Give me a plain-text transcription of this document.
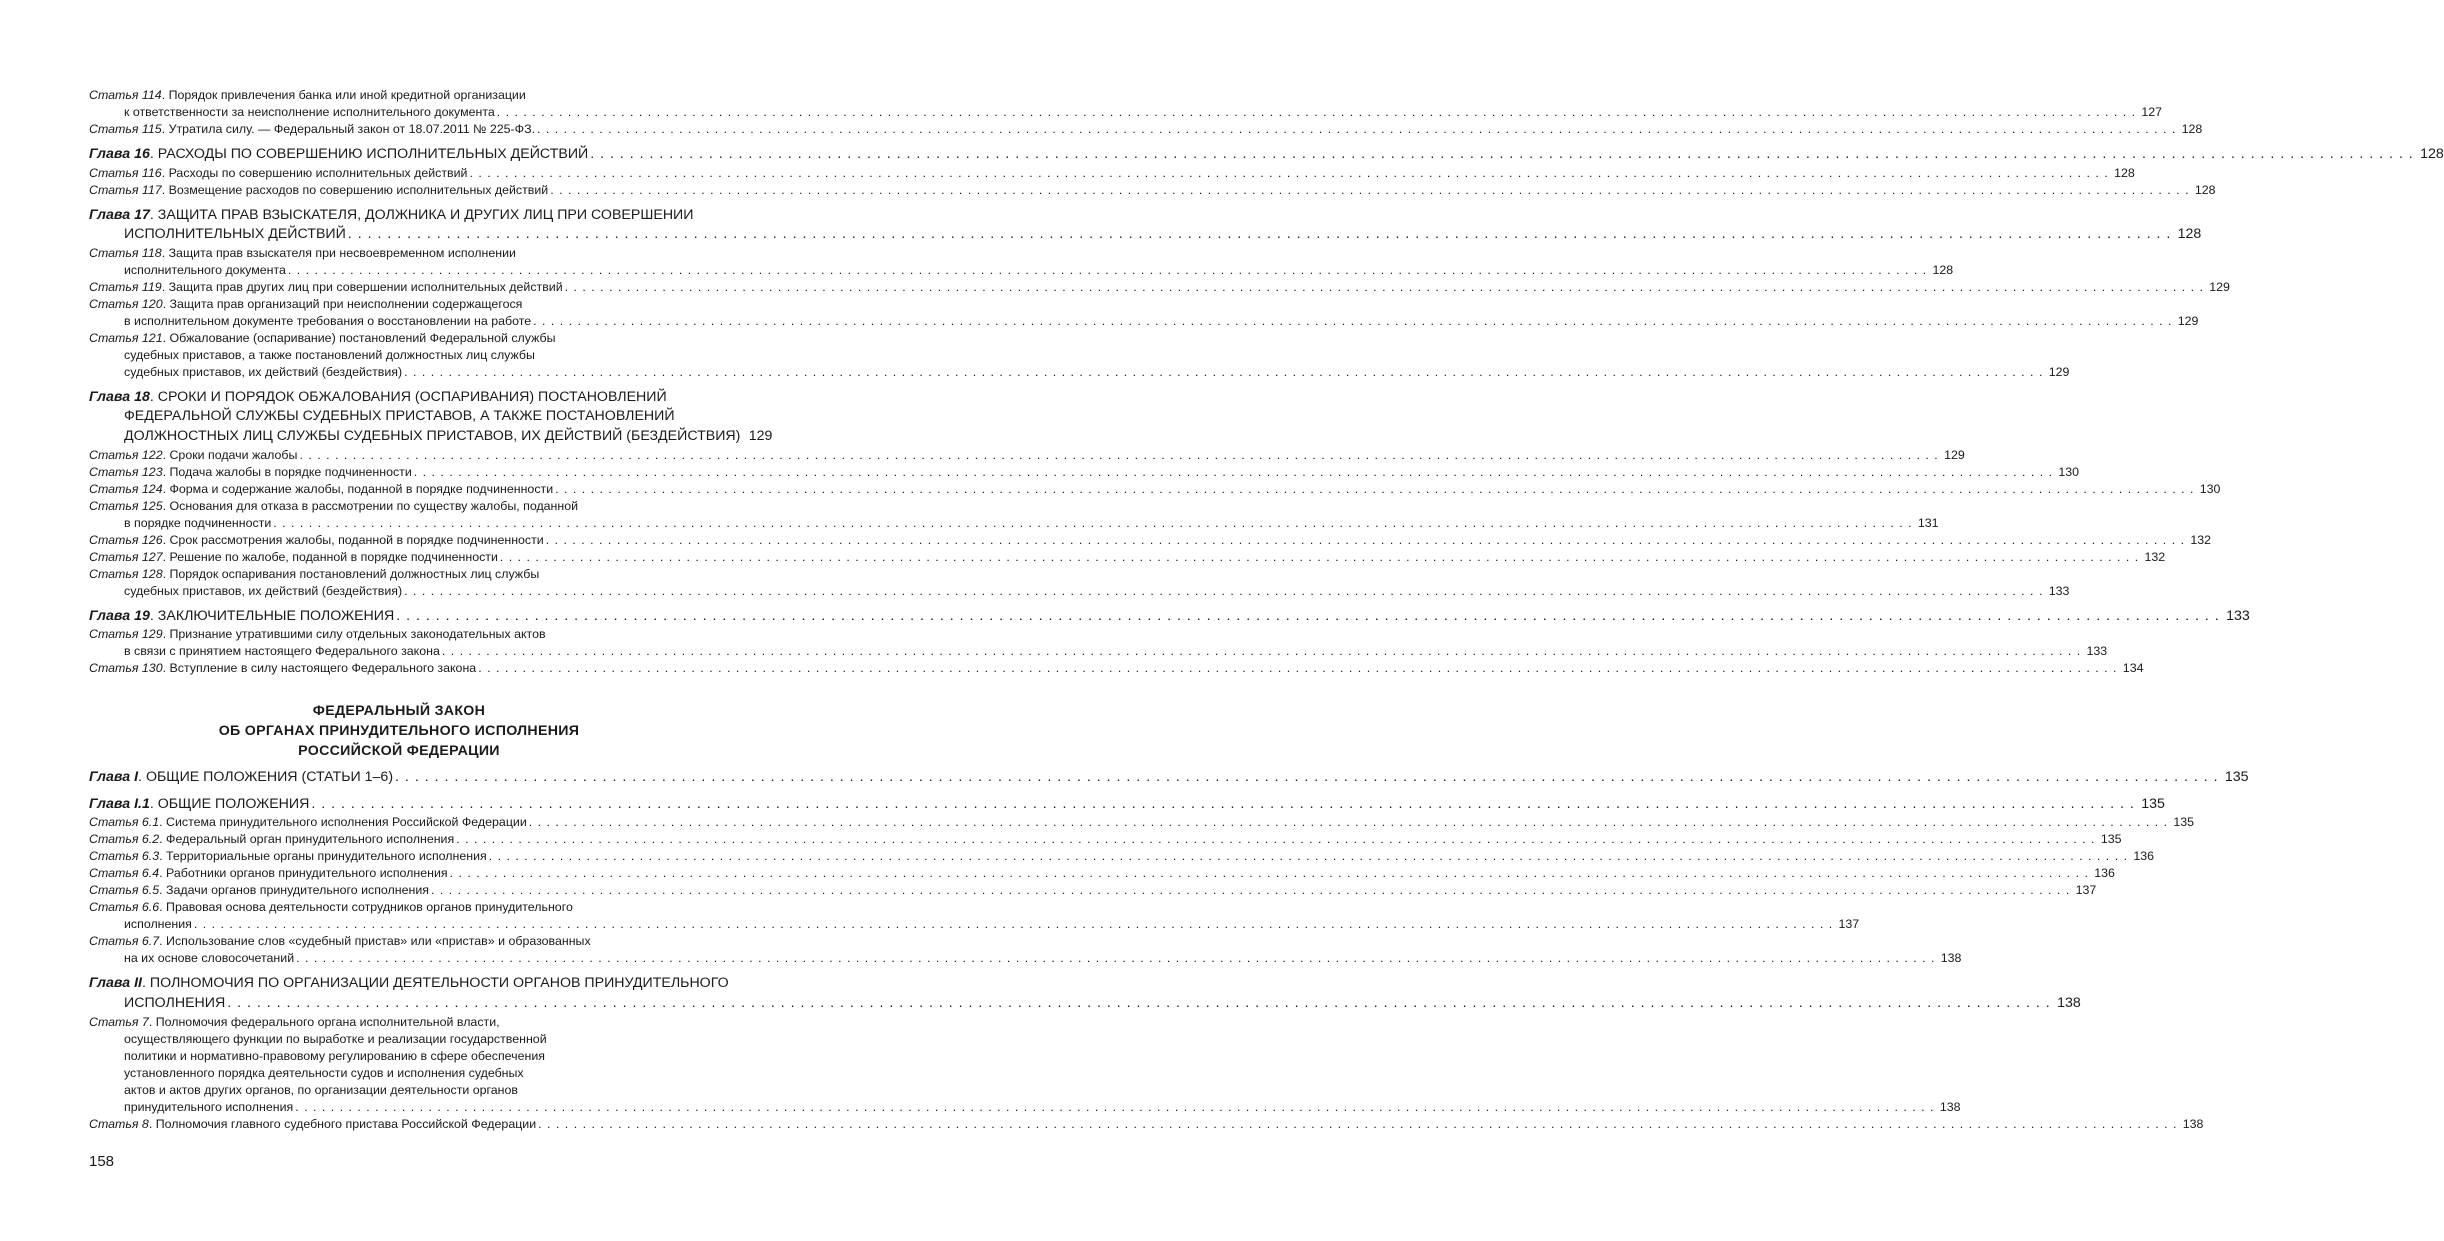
Статья 114. Порядок привлечения банка или иной кредитной организации
к ответственности за неисполнение исполнительного документа . . .	127
Статья 115. Утратила силу. — Федеральный закон от 18.07.2011 № 225-ФЗ. . . .	128
Глава 16. РАСХОДЫ ПО СОВЕРШЕНИЮ ИСПОЛНИТЕЛЬНЫХ ДЕЙСТВИЙ . . .	128
Статья 116. Расходы по совершению исполнительных действий . . .	128
Статья 117. Возмещение расходов по совершению исполнительных действий . . .	128
Глава 17. ЗАЩИТА ПРАВ ВЗЫСКАТЕЛЯ, ДОЛЖНИКА И ДРУГИХ ЛИЦ ПРИ СОВЕРШЕНИИ
ИСПОЛНИТЕЛЬНЫХ ДЕЙСТВИЙ . . .	128
Статья 118. Защита прав взыскателя при несвоевременном исполнении
исполнительного документа . . .	128
Статья 119. Защита прав других лиц при совершении исполнительных действий . . .	129
Статья 120. Защита прав организаций при неисполнении содержащегося
в исполнительном документе требования о восстановлении на работе . . .	129
Статья 121. Обжалование (оспаривание) постановлений Федеральной службы
судебных приставов, а также постановлений должностных лиц службы
судебных приставов, их действий (бездействия) . . .	129
Глава 18. СРОКИ И ПОРЯДОК ОБЖАЛОВАНИЯ (ОСПАРИВАНИЯ) ПОСТАНОВЛЕНИЙ
ФЕДЕРАЛЬНОЙ СЛУЖБЫ СУДЕБНЫХ ПРИСТАВОВ, А ТАКЖЕ ПОСТАНОВЛЕНИЙ
ДОЛЖНОСТНЫХ ЛИЦ СЛУЖБЫ СУДЕБНЫХ ПРИСТАВОВ, ИХ ДЕЙСТВИЙ (БЕЗДЕЙСТВИЯ) 129
Статья 122. Сроки подачи жалобы . . .	129
Статья 123. Подача жалобы в порядке подчиненности . . .	130
Статья 124. Форма и содержание жалобы, поданной в порядке подчиненности . . .	130
Статья 125. Основания для отказа в рассмотрении по существу жалобы, поданной
в порядке подчиненности . . .	131
Статья 126. Срок рассмотрения жалобы, поданной в порядке подчиненности . . .	132
Статья 127. Решение по жалобе, поданной в порядке подчиненности . . .	132
Статья 128. Порядок оспаривания постановлений должностных лиц службы
судебных приставов, их действий (бездействия) . . .	133
Глава 19. ЗАКЛЮЧИТЕЛЬНЫЕ ПОЛОЖЕНИЯ . . .	133
Статья 129. Признание утратившими силу отдельных законодательных актов
в связи с принятием настоящего Федерального закона . . .	133
Статья 130. Вступление в силу настоящего Федерального закона . . .	134
ФЕДЕРАЛЬНЫЙ ЗАКОН
ОБ ОРГАНАХ ПРИНУДИТЕЛЬНОГО ИСПОЛНЕНИЯ
РОССИЙСКОЙ ФЕДЕРАЦИИ
Глава I. ОБЩИЕ ПОЛОЖЕНИЯ (СТАТЬИ 1–6) . . .	135
Глава I.1. ОБЩИЕ ПОЛОЖЕНИЯ . . .	135
Статья 6.1. Система принудительного исполнения Российской Федерации . . .	135
Статья 6.2. Федеральный орган принудительного исполнения . . .	135
Статья 6.3. Территориальные органы принудительного исполнения . . .	136
Статья 6.4. Работники органов принудительного исполнения . . .	136
Статья 6.5. Задачи органов принудительного исполнения . . .	137
Статья 6.6. Правовая основа деятельности сотрудников органов принудительного
исполнения . . .	137
Статья 6.7. Использование слов «судебный пристав» или «пристав» и образованных
на их основе словосочетаний . . .	138
Глава II. ПОЛНОМОЧИЯ ПО ОРГАНИЗАЦИИ ДЕЯТЕЛЬНОСТИ ОРГАНОВ ПРИНУДИТЕЛЬНОГО
ИСПОЛНЕНИЯ . . .	138
Статья 7. Полномочия федерального органа исполнительной власти,
осуществляющего функции по выработке и реализации государственной
политики и нормативно-правовому регулированию в сфере обеспечения
установленного порядка деятельности судов и исполнения судебных
актов и актов других органов, по организации деятельности органов
принудительного исполнения . . .	138
Статья 8. Полномочия главного судебного пристава Российской Федерации . . .	138
158
